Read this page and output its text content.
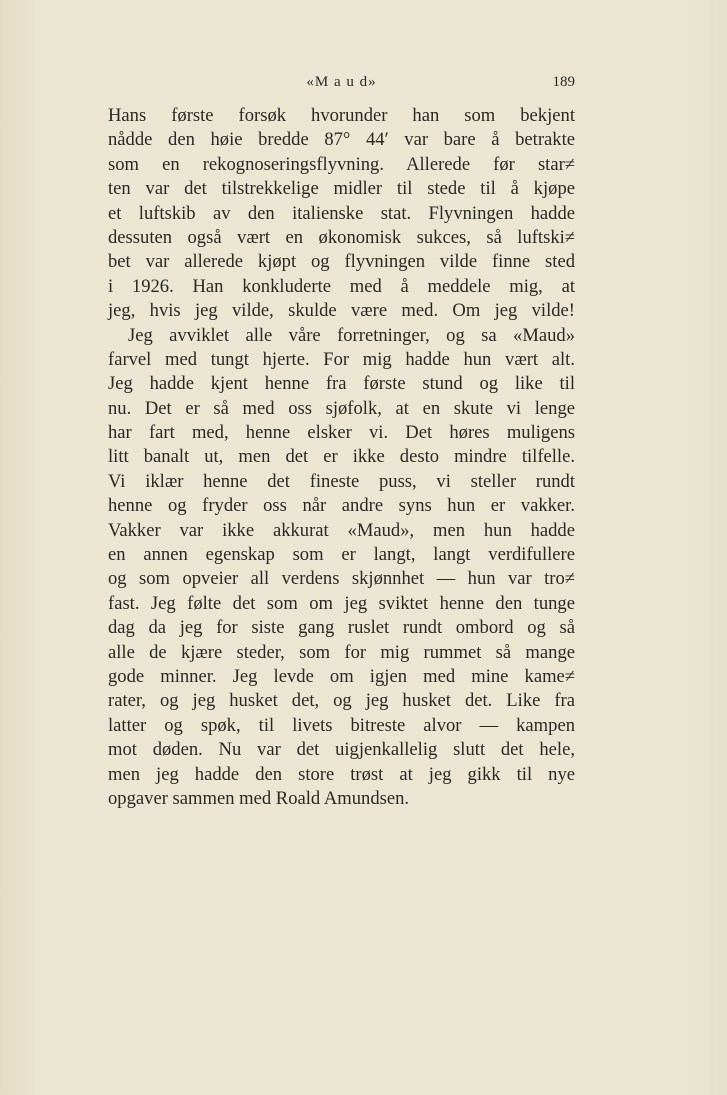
«M a u d»	189
Hans første forsøk hvorunder han som bekjent
nådde den høie bredde 87° 44′ var bare å betrakte
som en rekognoseringsflyvning. Allerede før star≠
ten var det tilstrekkelige midler til stede til å kjøpe
et luftskib av den italienske stat. Flyvningen hadde
dessuten også vært en økonomisk sukces, så luftski≠
bet var allerede kjøpt og flyvningen vilde finne sted
i 1926. Han konkluderte med å meddele mig, at
jeg, hvis jeg vilde, skulde være med. Om jeg vilde!
Jeg avviklet alle våre forretninger, og sa «Maud»
farvel med tungt hjerte. For mig hadde hun vært alt.
Jeg hadde kjent henne fra første stund og like til
nu. Det er så med oss sjøfolk, at en skute vi lenge
har fart med, henne elsker vi. Det høres muligens
litt banalt ut, men det er ikke desto mindre tilfelle.
Vi iklær henne det fineste puss, vi steller rundt
henne og fryder oss når andre syns hun er vakker.
Vakker var ikke akkurat «Maud», men hun hadde
en annen egenskap som er langt, langt verdifullere
og som opveier all verdens skjønnhet — hun var tro≠
fast. Jeg følte det som om jeg sviktet henne den tunge
dag da jeg for siste gang ruslet rundt ombord og så
alle de kjære steder, som for mig rummet så mange
gode minner. Jeg levde om igjen med mine kame≠
rater, og jeg husket det, og jeg husket det. Like fra
latter og spøk, til livets bitreste alvor — kampen
mot døden. Nu var det uigjenkallelig slutt det hele,
men jeg hadde den store trøst at jeg gikk til nye
opgaver sammen med Roald Amundsen.
